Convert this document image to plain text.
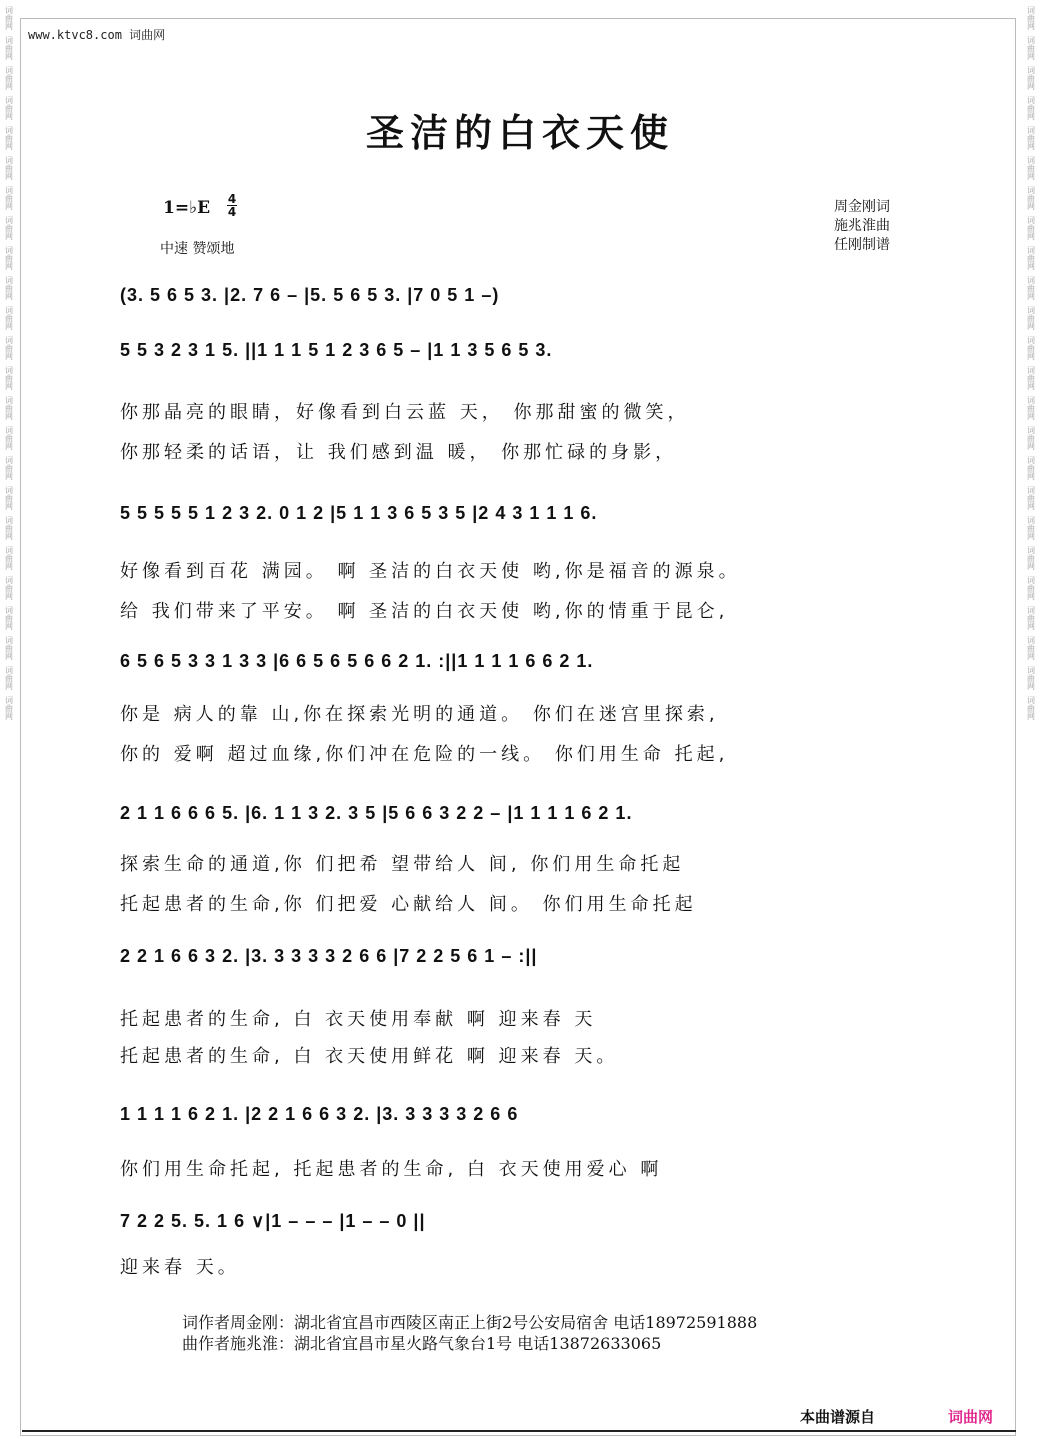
词曲网
词曲网
词曲网
词曲网
词曲网
词曲网
词曲网
词曲网
词曲网
词曲网
词曲网
词曲网
词曲网
词曲网
词曲网
词曲网
词曲网
词曲网
词曲网
词曲网
词曲网
词曲网
词曲网
词曲网
词曲网
词曲网
词曲网
词曲网
词曲网
词曲网
词曲网
词曲网
词曲网
词曲网
词曲网
词曲网
词曲网
词曲网
词曲网
词曲网
词曲网
词曲网
词曲网
词曲网
词曲网
词曲网
词曲网
词曲网
www.ktvc8.com 词曲网
圣洁的白衣天使
1=♭E 4
4
中速 赞颂地
周金刚词
施兆淮曲
任刚制谱
(3. 5 6 5 3. |2. 7 6 – |5. 5 6 5 3. |7 0 5 1 –)
5 5 3 2 3 1 5. ||1 1 1 5 1 2 3 6 5 – |1 1 3 5 6 5 3.
你那晶亮的眼睛，好像看到白云蓝 天， 你那甜蜜的微笑，
你那轻柔的话语，让 我们感到温 暖， 你那忙碌的身影，
5 5 5 5 5 1 2 3 2. 0 1 2 |5 1 1 3 6 5 3 5 |2 4 3 1 1 1 6.
好像看到百花 满园。 啊 圣洁的白衣天使 哟,你是福音的源泉。
给 我们带来了平安。 啊 圣洁的白衣天使 哟,你的情重于昆仑,
6 5 6 5 3 3 1 3 3 |6 6 5 6 5 6 6 2 1. :||1 1 1 1 6 6 2 1.
你是 病人的靠 山,你在探索光明的通道。 你们在迷宫里探索,
你的 爱啊 超过血缘,你们冲在危险的一线。 你们用生命 托起,
2 1 1 6 6 6 5. |6. 1 1 3 2. 3 5 |5 6 6 3 2 2 – |1 1 1 1 6 2 1.
探索生命的通道,你 们把希 望带给人 间, 你们用生命托起
托起患者的生命,你 们把爱 心献给人 间。 你们用生命托起
2 2 1 6 6 3 2. |3. 3 3 3 3 2 6 6 |7 2 2 5 6 1 – :||
托起患者的生命, 白 衣天使用奉献 啊 迎来春 天
托起患者的生命, 白 衣天使用鲜花 啊 迎来春 天。
1 1 1 1 6 2 1. |2 2 1 6 6 3 2. |3. 3 3 3 3 2 6 6
你们用生命托起, 托起患者的生命, 白 衣天使用爱心 啊
7 2 2 5. 5. 1 6 ∨|1 – – – |1 – – 0 ||
迎来春 天。
词作者周金刚：湖北省宜昌市西陵区南正上街2号公安局宿舍 电话18972591888
曲作者施兆淮：湖北省宜昌市星火路气象台1号 电话13872633065
本曲谱源自	词曲网
